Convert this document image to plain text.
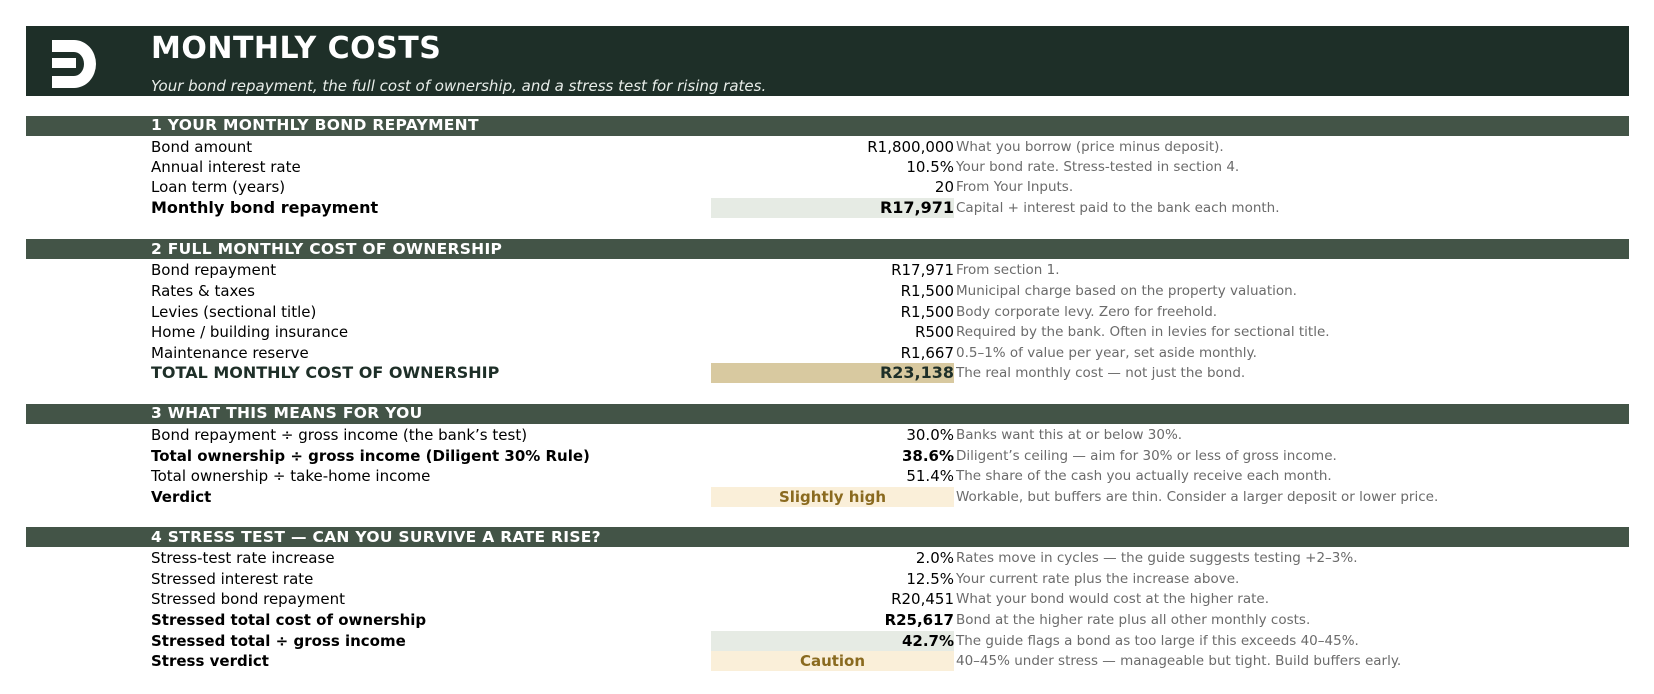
MONTHLY COSTS
Your bond repayment, the full cost of ownership, and a stress test for rising rates.
1 YOUR MONTHLY BOND REPAYMENT
Bond amount	R1,800,000 What you borrow (price minus deposit).
Annual interest rate	10.5% Your bond rate. Stress-tested in section 4.
Loan term (years)	20 From Your Inputs.
Monthly bond repayment	R17,971 Capital + interest paid to the bank each month.
2 FULL MONTHLY COST OF OWNERSHIP
Bond repayment	R17,971 From section 1.
Rates & taxes	R1,500 Municipal charge based on the property valuation.
Levies (sectional title)	R1,500 Body corporate levy. Zero for freehold.
Home / building insurance	R500 Required by the bank. Often in levies for sectional title.
Maintenance reserve	R1,667 0.5–1% of value per year, set aside monthly.
TOTAL MONTHLY COST OF OWNERSHIP	R23,138 The real monthly cost — not just the bond.
3 WHAT THIS MEANS FOR YOU
Bond repayment ÷ gross income (the bank’s test)	30.0% Banks want this at or below 30%.
Total ownership ÷ gross income (Diligent 30% Rule)	38.6% Diligent’s ceiling — aim for 30% or less of gross income.
Total ownership ÷ take-home income	51.4% The share of the cash you actually receive each month.
Verdict	Slightly high	Workable, but buffers are thin. Consider a larger deposit or lower price.
4 STRESS TEST — CAN YOU SURVIVE A RATE RISE?
Stress-test rate increase	2.0% Rates move in cycles — the guide suggests testing +2–3%.
Stressed interest rate	12.5% Your current rate plus the increase above.
Stressed bond repayment	R20,451 What your bond would cost at the higher rate.
Stressed total cost of ownership	R25,617 Bond at the higher rate plus all other monthly costs.
Stressed total ÷ gross income	42.7% The guide flags a bond as too large if this exceeds 40–45%.
Stress verdict	Caution	40–45% under stress — manageable but tight. Build buffers early.
